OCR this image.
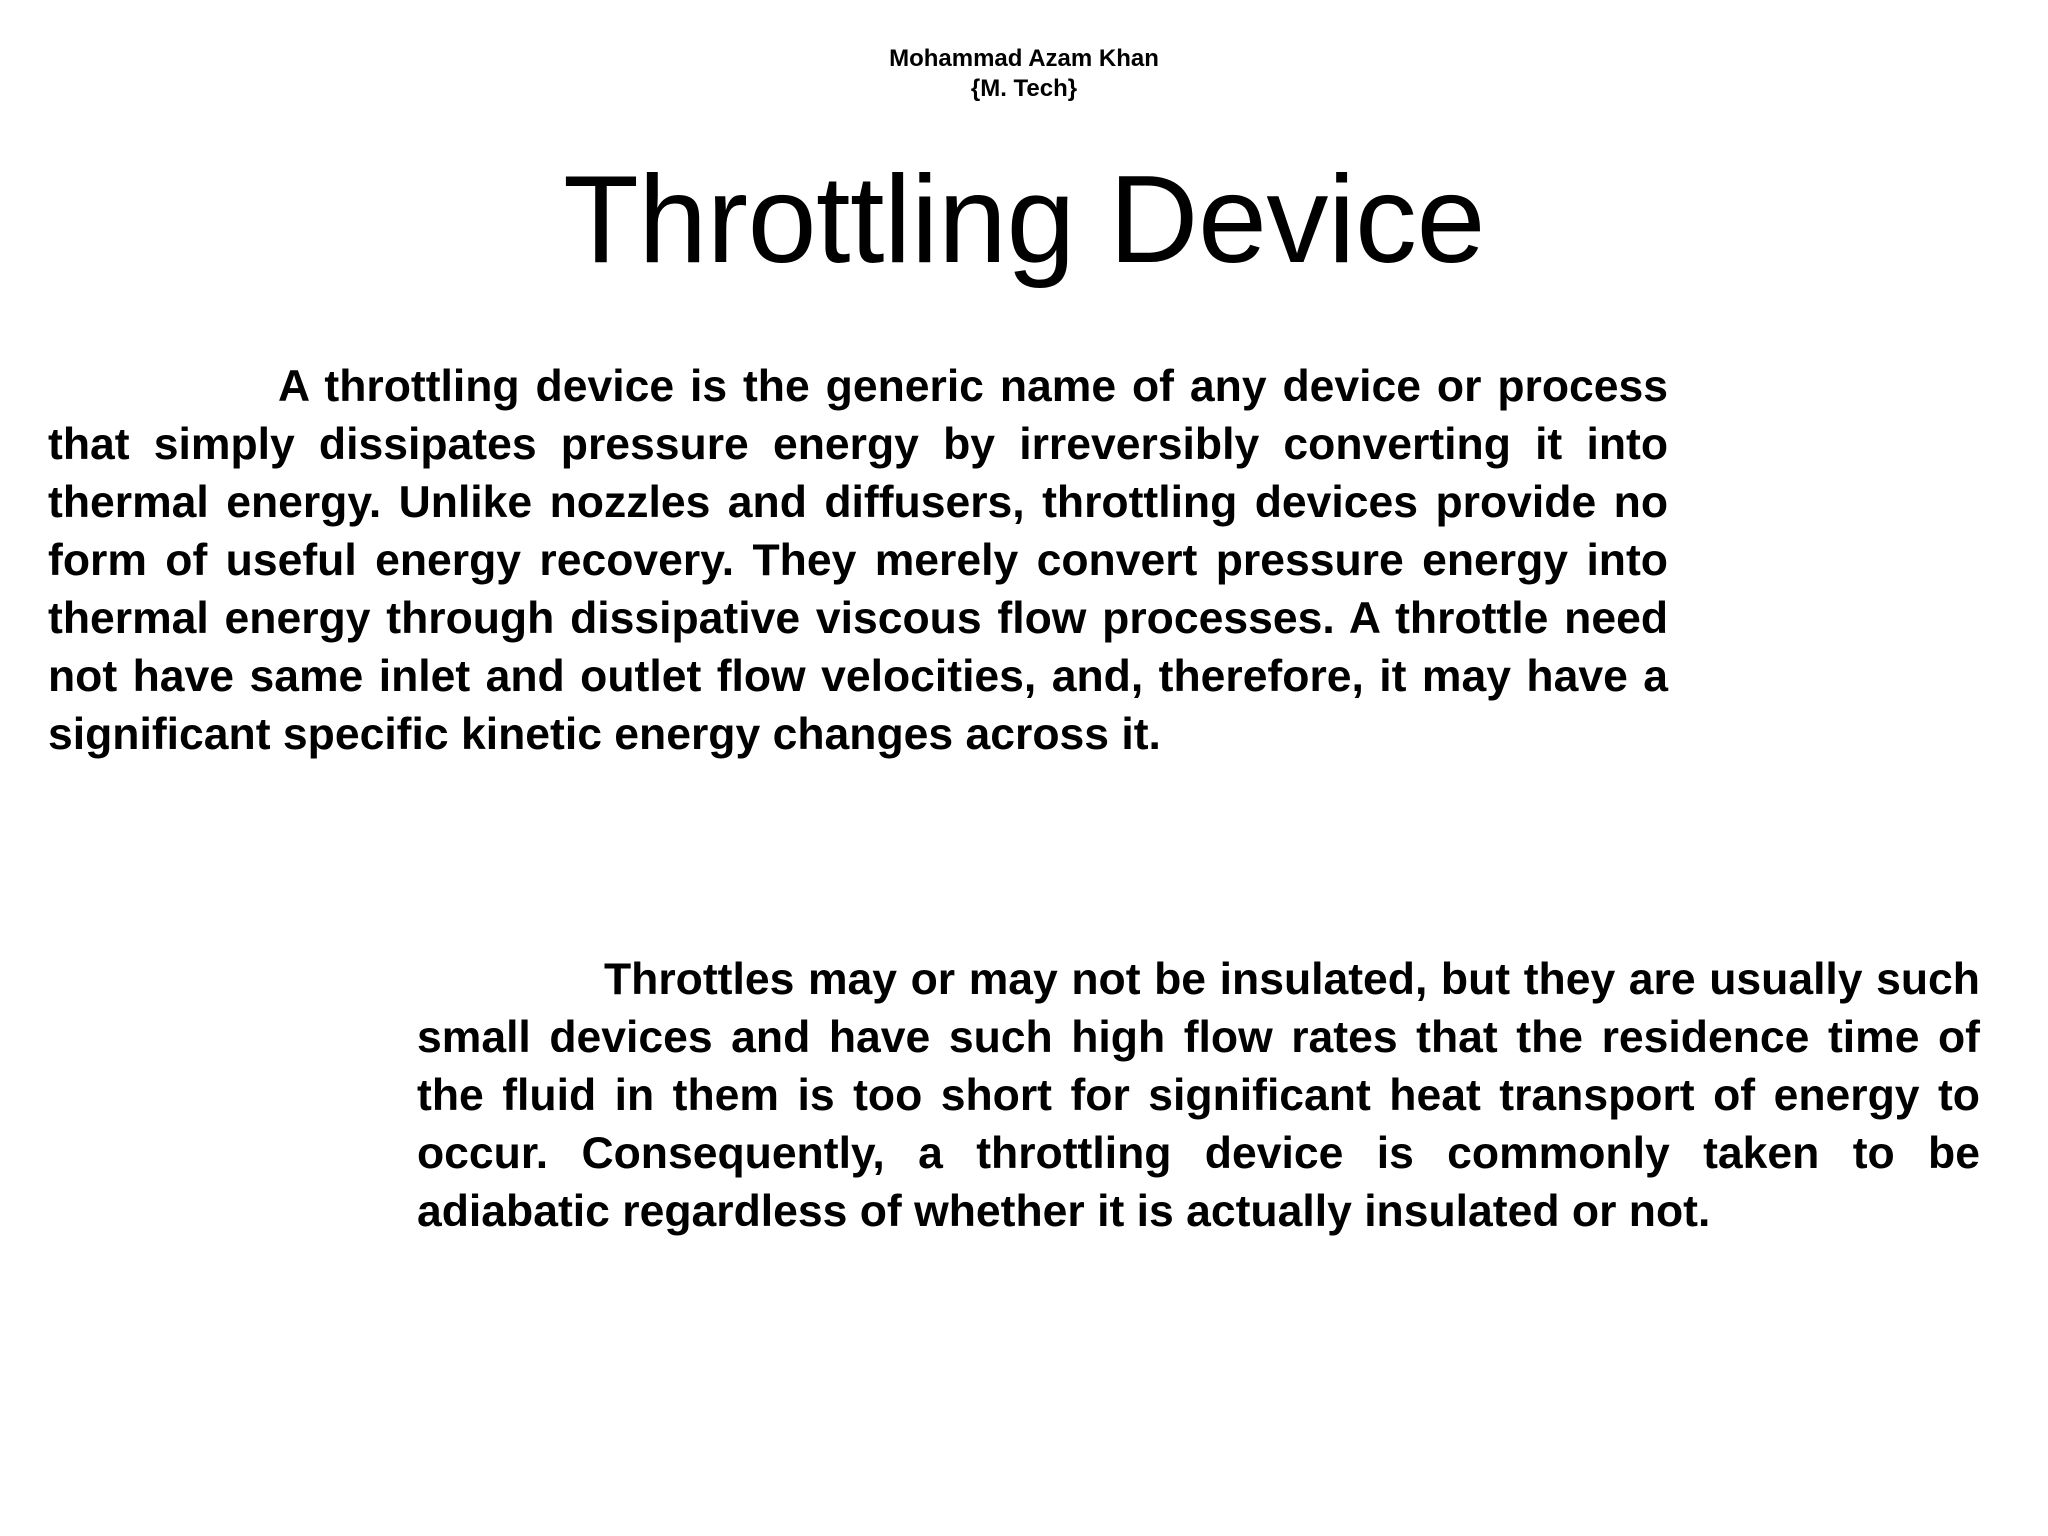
Mohammad Azam Khan
{M. Tech}
Throttling Device

A throttling device is the generic name of any device or process that simply dissipates pressure energy by irreversibly converting it into thermal energy. Unlike nozzles and diffusers, throttling devices provide no form of useful energy recovery. They merely convert pressure energy into thermal energy through dissipative viscous flow processes. A throttle need not have same inlet and outlet flow velocities, and, therefore, it may have a significant specific kinetic energy changes across it.

Throttles may or may not be insulated, but they are usually such small devices and have such high flow rates that the residence time of the fluid in them is too short for significant heat transport of energy to occur. Consequently, a throttling device is commonly taken to be adiabatic regardless of whether it is actually insulated or not.
